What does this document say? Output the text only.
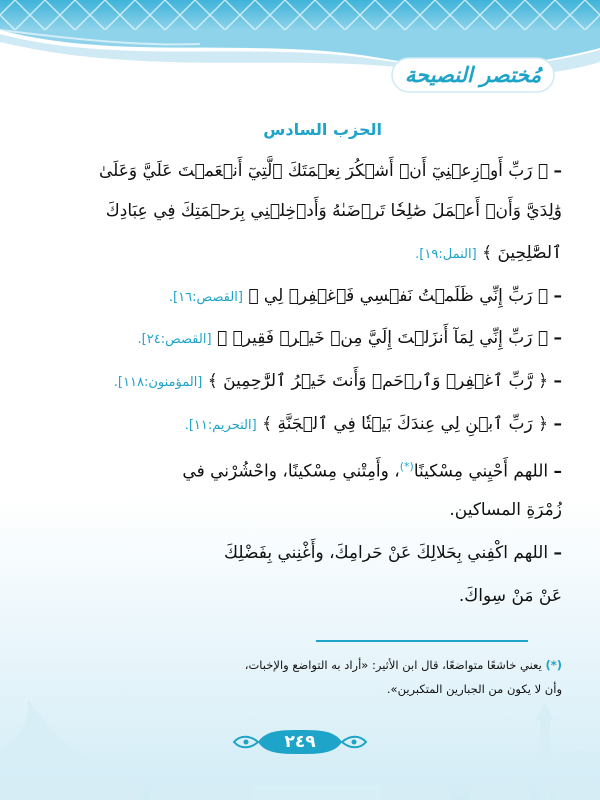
مُختصر النصيحة
الحزب السادس
– ﴿ رَبِّ أَوۡزِعۡنِيٓ أَنۡ أَشۡكُرَ نِعۡمَتَكَ ٱلَّتِيٓ أَنۡعَمۡتَ عَلَيَّ وَعَلَىٰ
وَٰلِدَيَّ وَأَنۡ أَعۡمَلَ صَٰلِحٗا تَرۡضَىٰهُ وَأَدۡخِلۡنِي بِرَحۡمَتِكَ فِي عِبَادِكَ
ٱلصَّٰلِحِينَ ﴾ [النمل:١٩].
– ﴿ رَبِّ إِنِّي ظَلَمۡتُ نَفۡسِي فَٱغۡفِرۡ لِي ﴾ [القصص:١٦].
– ﴿ رَبِّ إِنِّي لِمَآ أَنزَلۡتَ إِلَيَّ مِنۡ خَيۡرٖ فَقِيرٞ ﴾ [القصص:٢٤].
– ﴿ رَّبِّ ٱغۡفِرۡ وَٱرۡحَمۡ وَأَنتَ خَيۡرُ ٱلرَّٰحِمِينَ ﴾ [المؤمنون:١١٨].
– ﴿ رَبِّ ٱبۡنِ لِي عِندَكَ بَيۡتٗا فِي ٱلۡجَنَّةِ ﴾ [التحريم:١١].
– اللهم أَحْيِني مِسْكينًا(*)، وأَمِتْني مِسْكينًا، واحْشُرْني في
زُمْرَةِ المساكين.
– اللهم اكْفِني بِحَلالِكَ عَنْ حَرامِكَ، وأَغْنِني بِفَضْلِكَ
عَنْ مَنْ سِواكَ.
(*) يعني خاشعًا متواضعًا، قال ابن الأثير: «أراد به التواضع والإخبات،
وأن لا يكون من الجبارين المتكبرين».
٢٤٩
